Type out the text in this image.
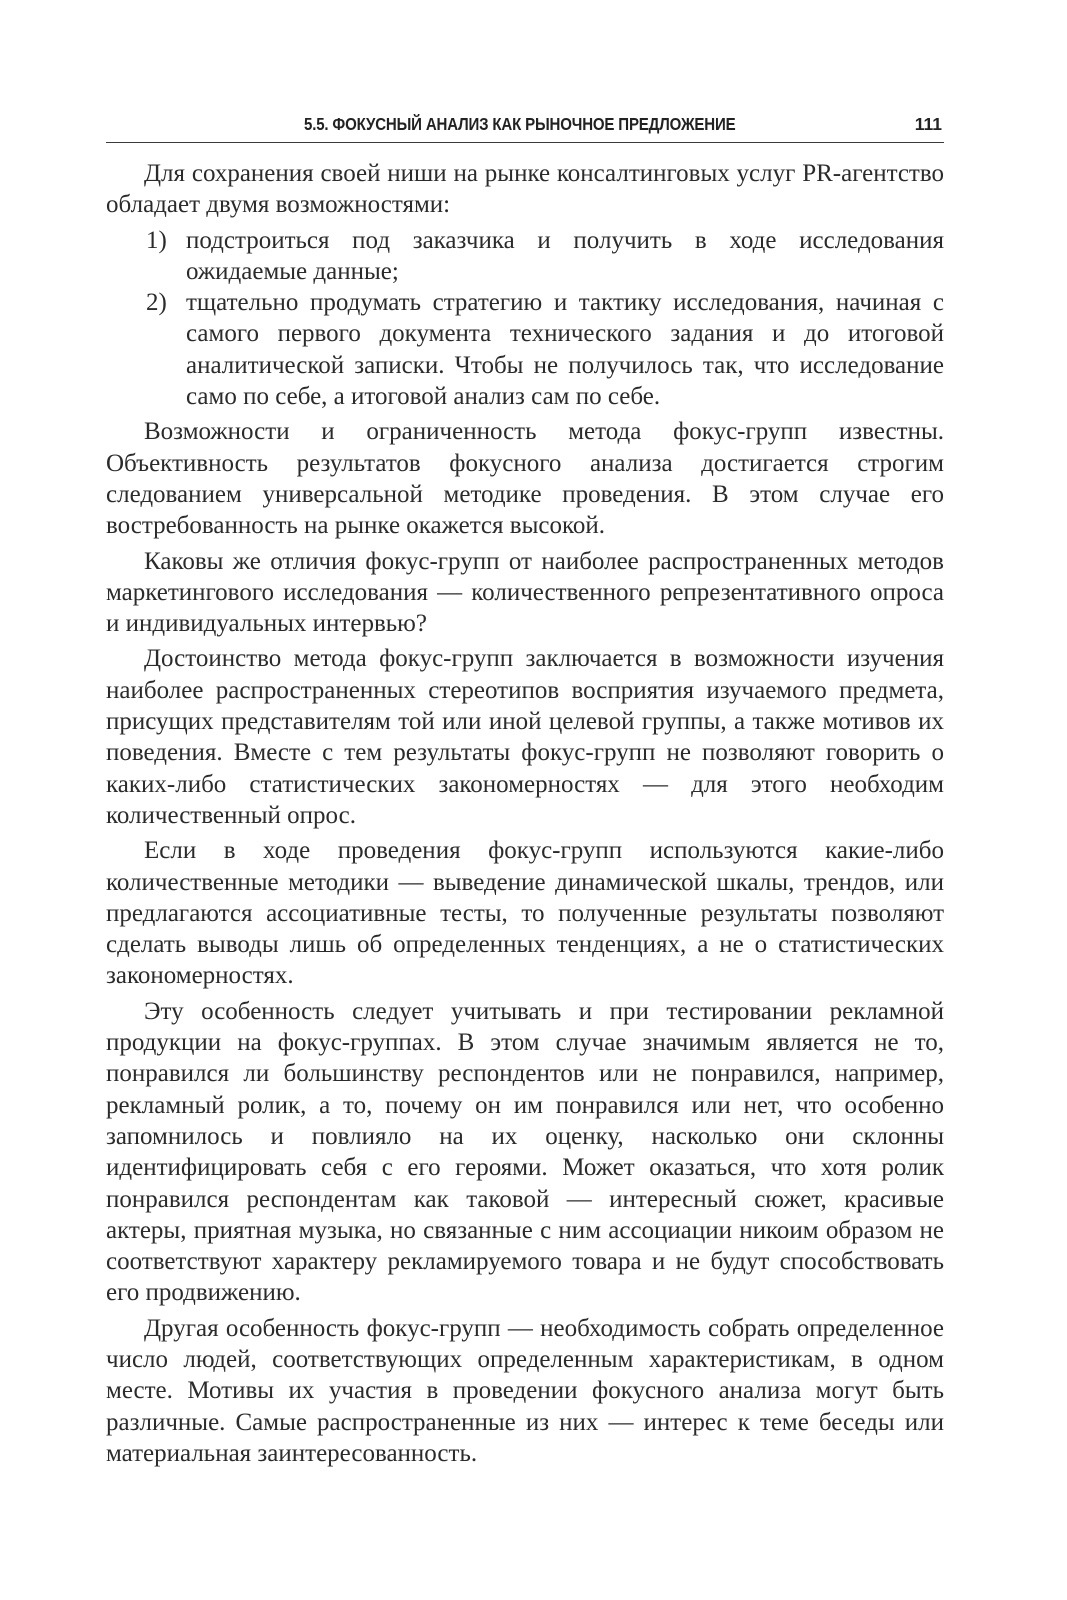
5.5. ФОКУСНЫЙ АНАЛИЗ КАК РЫНОЧНОЕ ПРЕДЛОЖЕНИЕ	111

Для сохранения своей ниши на рынке консалтинговых услуг PR-агентство обладает двумя возможностями:

1) подстроиться под заказчика и получить в ходе исследования ожидаемые данные;
2) тщательно продумать стратегию и тактику исследования, начиная с самого первого документа технического задания и до итоговой аналитической записки. Чтобы не получилось так, что исследование само по себе, а итоговой анализ сам по себе.

Возможности и ограниченность метода фокус-групп известны. Объективность результатов фокусного анализа достигается строгим следованием универсальной методике проведения. В этом случае его востребованность на рынке окажется высокой.

Каковы же отличия фокус-групп от наиболее распространенных методов маркетингового исследования — количественного репрезентативного опроса и индивидуальных интервью?

Достоинство метода фокус-групп заключается в возможности изучения наиболее распространенных стереотипов восприятия изучаемого предмета, присущих представителям той или иной целевой группы, а также мотивов их поведения. Вместе с тем результаты фокус-групп не позволяют говорить о каких-либо статистических закономерностях — для этого необходим количественный опрос.

Если в ходе проведения фокус-групп используются какие-либо количественные методики — выведение динамической шкалы, трендов, или предлагаются ассоциативные тесты, то полученные результаты позволяют сделать выводы лишь об определенных тенденциях, а не о статистических закономерностях.

Эту особенность следует учитывать и при тестировании рекламной продукции на фокус-группах. В этом случае значимым является не то, понравился ли большинству респондентов или не понравился, например, рекламный ролик, а то, почему он им понравился или нет, что особенно запомнилось и повлияло на их оценку, насколько они склонны идентифицировать себя с его героями. Может оказаться, что хотя ролик понравился респондентам как таковой — интересный сюжет, красивые актеры, приятная музыка, но связанные с ним ассоциации никоим образом не соответствуют характеру рекламируемого товара и не будут способствовать его продвижению.

Другая особенность фокус-групп — необходимость собрать определенное число людей, соответствующих определенным характеристикам, в одном месте. Мотивы их участия в проведении фокусного анализа могут быть различные. Самые распространенные из них — интерес к теме беседы или материальная заинтересованность.
